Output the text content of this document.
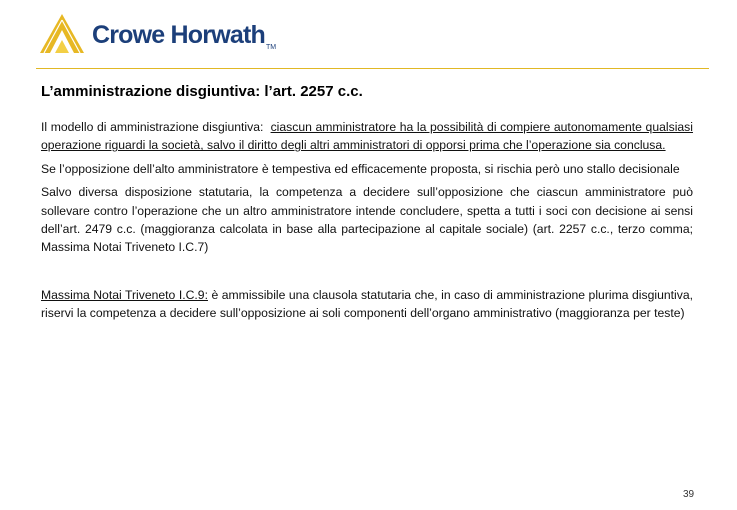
Crowe Horwath$_{TM}$
L’amministrazione disgiuntiva: l’art. 2257 c.c.

Il modello di amministrazione disgiuntiva: ciascun amministratore ha la possibilità di compiere autonomamente qualsiasi operazione riguardi la società, salvo il diritto degli altri amministratori di opporsi prima che l’operazione sia conclusa.

Se l’opposizione dell’alto amministratore è tempestiva ed efficacemente proposta, si rischia però uno stallo decisionale

Salvo diversa disposizione statutaria, la competenza a decidere sull’opposizione che ciascun amministratore può sollevare contro l’operazione che un altro amministratore intende concludere, spetta a tutti i soci con decisione ai sensi dell’art. 2479 c.c. (maggioranza calcolata in base alla partecipazione al capitale sociale) (art. 2257 c.c., terzo comma; Massima Notai Triveneto I.C.7)

Massima Notai Triveneto I.C.9: è ammissibile una clausola statutaria che, in caso di amministrazione plurima disgiuntiva, riservi la competenza a decidere sull’opposizione ai soli componenti dell’organo amministrativo (maggioranza per teste)

39
